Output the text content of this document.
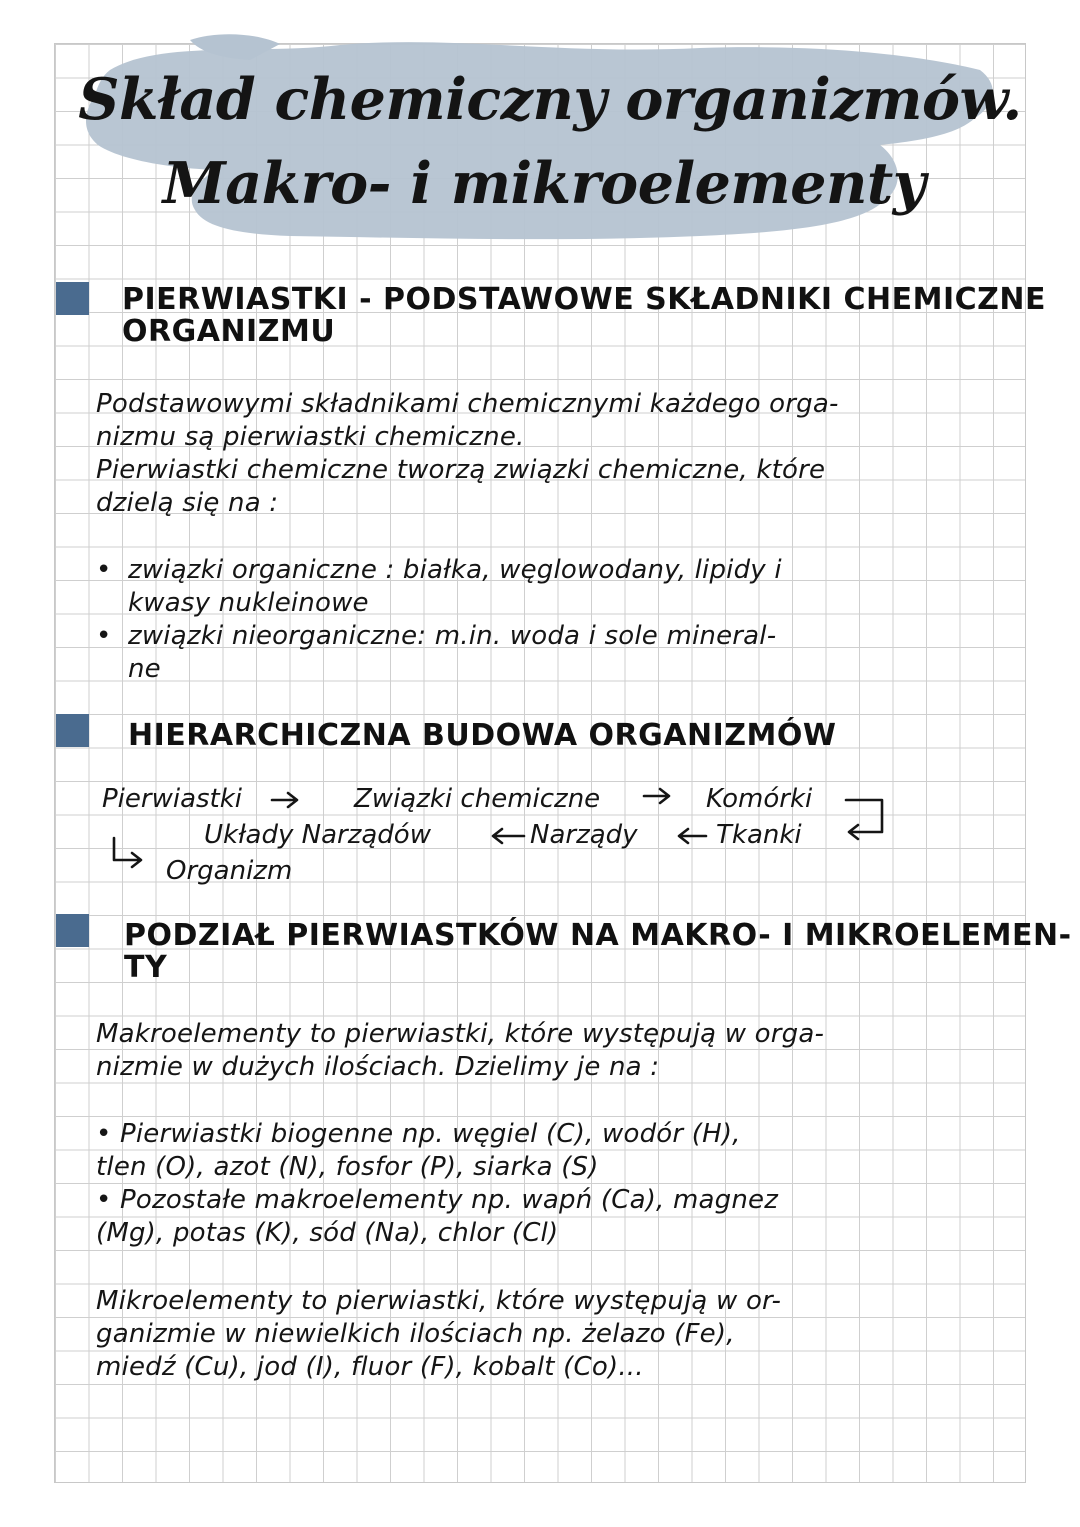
Skład chemiczny organizmów.
Makro- i mikroelementy
PIERWIASTKI - PODSTAWOWE SKŁADNIKI CHEMICZNE
ORGANIZMU

Podstawowymi składnikami chemicznymi każdego orga-

nizmu są pierwiastki chemiczne.

Pierwiastki chemiczne tworzą związki chemiczne, które

dzielą się na :

• związki organiczne : białka, węglowodany, lipidy i

kwasy nukleinowe

• związki nieorganiczne: m.in. woda i sole mineral-

ne

HIERARCHICZNA BUDOWA ORGANIZMÓW
Pierwiastki	Związki chemiczne	Komórki
Tkanki
Narządy
Układy Narządów
Organizm
PODZIAŁ PIERWIASTKÓW NA MAKRO- I MIKROELEMEN-
TY

Makroelementy to pierwiastki, które występują w orga-

nizmie w dużych ilościach. Dzielimy je na :

• Pierwiastki biogenne np. węgiel (C), wodór (H),

tlen (O), azot (N), fosfor (P), siarka (S)

• Pozostałe makroelementy np. wapń (Ca), magnez

(Mg), potas (K), sód (Na), chlor (Cl)

Mikroelementy to pierwiastki, które występują w or-

ganizmie w niewielkich ilościach np. żelazo (Fe),

miedź (Cu), jod (I), fluor (F), kobalt (Co)...
